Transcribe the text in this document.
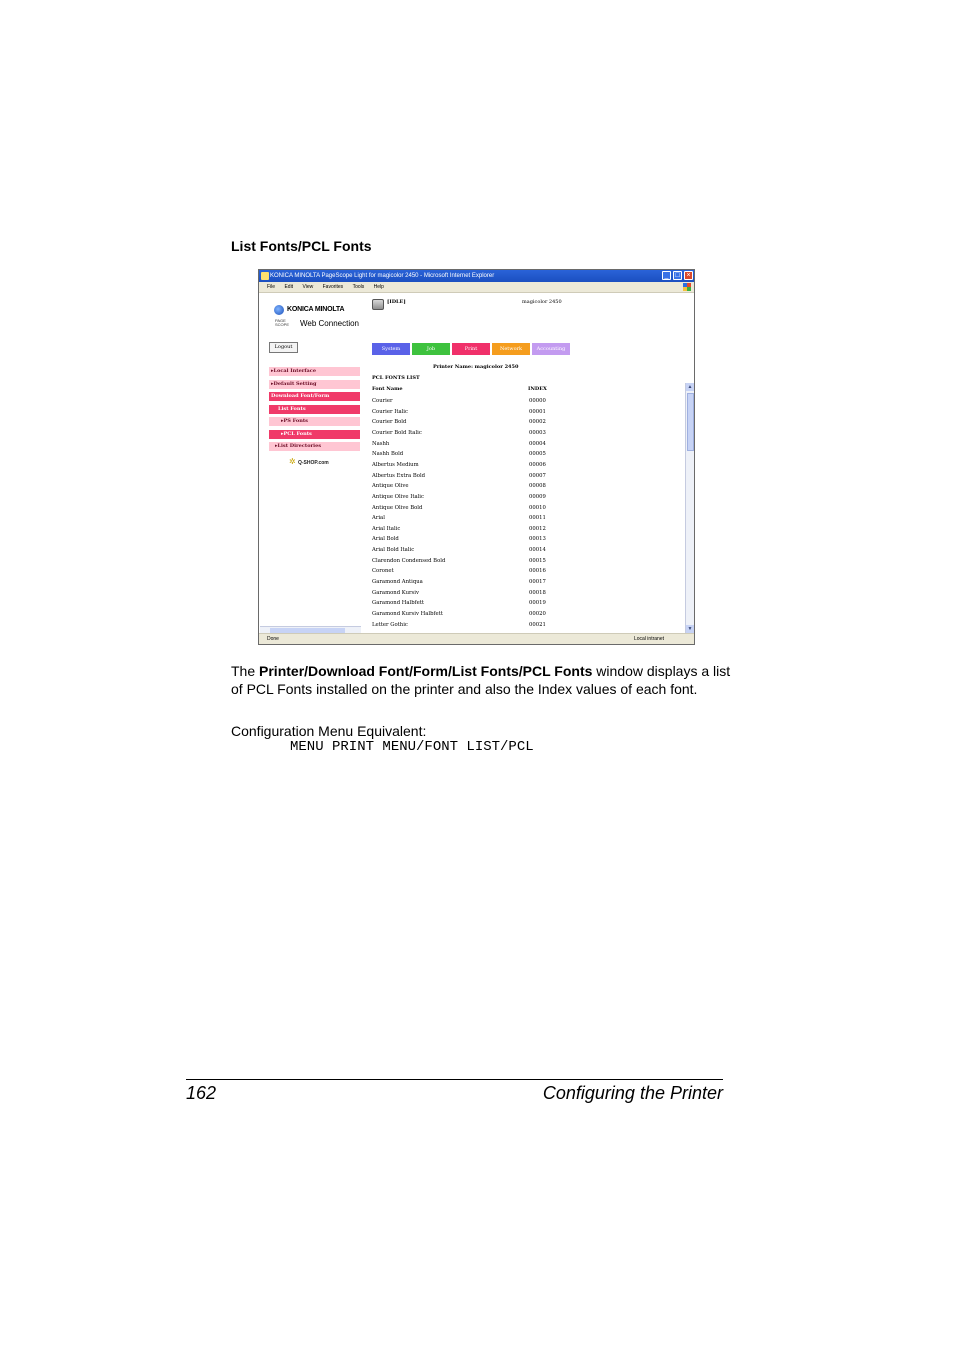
List Fonts/PCL Fonts
KONICA MINOLTA PageScope Light for magicolor 2450 - Microsoft Internet Explorer	_ □ ×
File Edit View Favorites Tools Help
KONICA MINOLTA
PAGE SCOPE	Web Connection
Logout
▸Local Interface
▸Default Setting
Download Font/Form
List Fonts
▸PS Fonts
▸PCL Fonts
▸List Directories
✲ Q-SHOP.com
[IDLE]	magicolor 2450
System	Job	Print	Network	Accounting
Printer Name: magicolor 2450
PCL FONTS LIST
Font Name	INDEX
Courier	00000
Courier Italic	00001
Courier Bold	00002
Courier Bold Italic	00003
Nashh	00004
Nashh Bold	00005
Albertus Medium	00006
Albertus Extra Bold	00007
Antique Olive	00008
Antique Olive Italic	00009
Antique Olive Bold	00010
Arial	00011
Arial Italic	00012
Arial Bold	00013
Arial Bold Italic	00014
Clarendon Condensed Bold	00015
Coronet	00016
Garamond Antiqua	00017
Garamond Kursiv	00018
Garamond Halbfett	00019
Garamond Kursiv Halbfett	00020
Letter Gothic	00021
▲
▼
Done	Local intranet
The Printer/Download Font/Form/List Fonts/PCL Fonts window displays a list of PCL Fonts installed on the printer and also the Index values of each font.
Configuration Menu Equivalent:
MENU PRINT MENU/FONT LIST/PCL
162	Configuring the Printer
